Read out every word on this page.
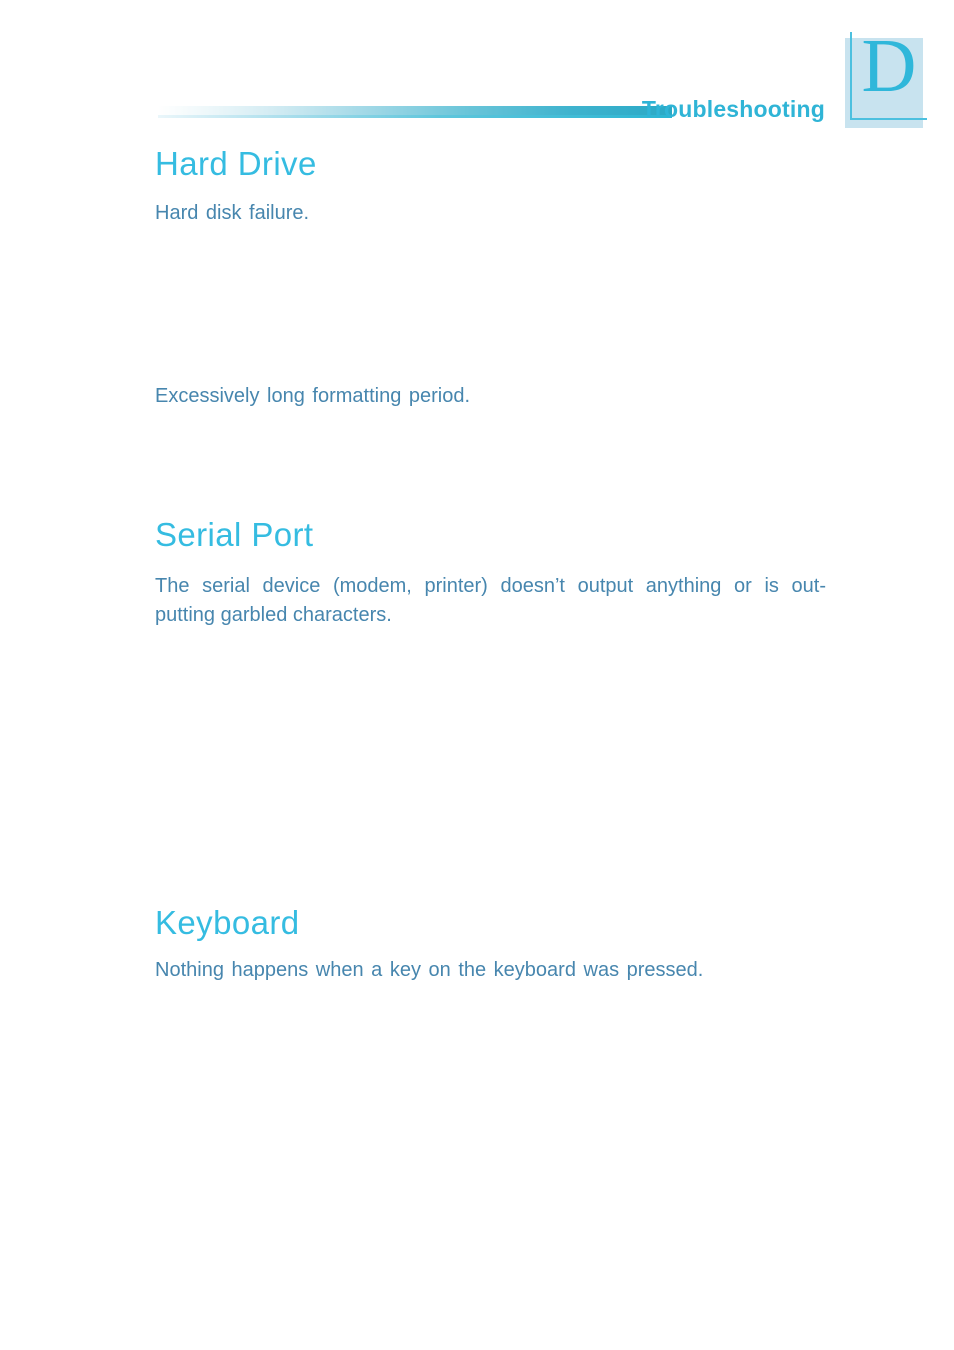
Troubleshooting
D
Hard Drive

Hard disk failure.

Excessively long formatting period.

Serial Port
The serial device (modem, printer) doesn’t output anything or is out-
putting garbled characters.
Keyboard

Nothing happens when a key on the keyboard was pressed.
